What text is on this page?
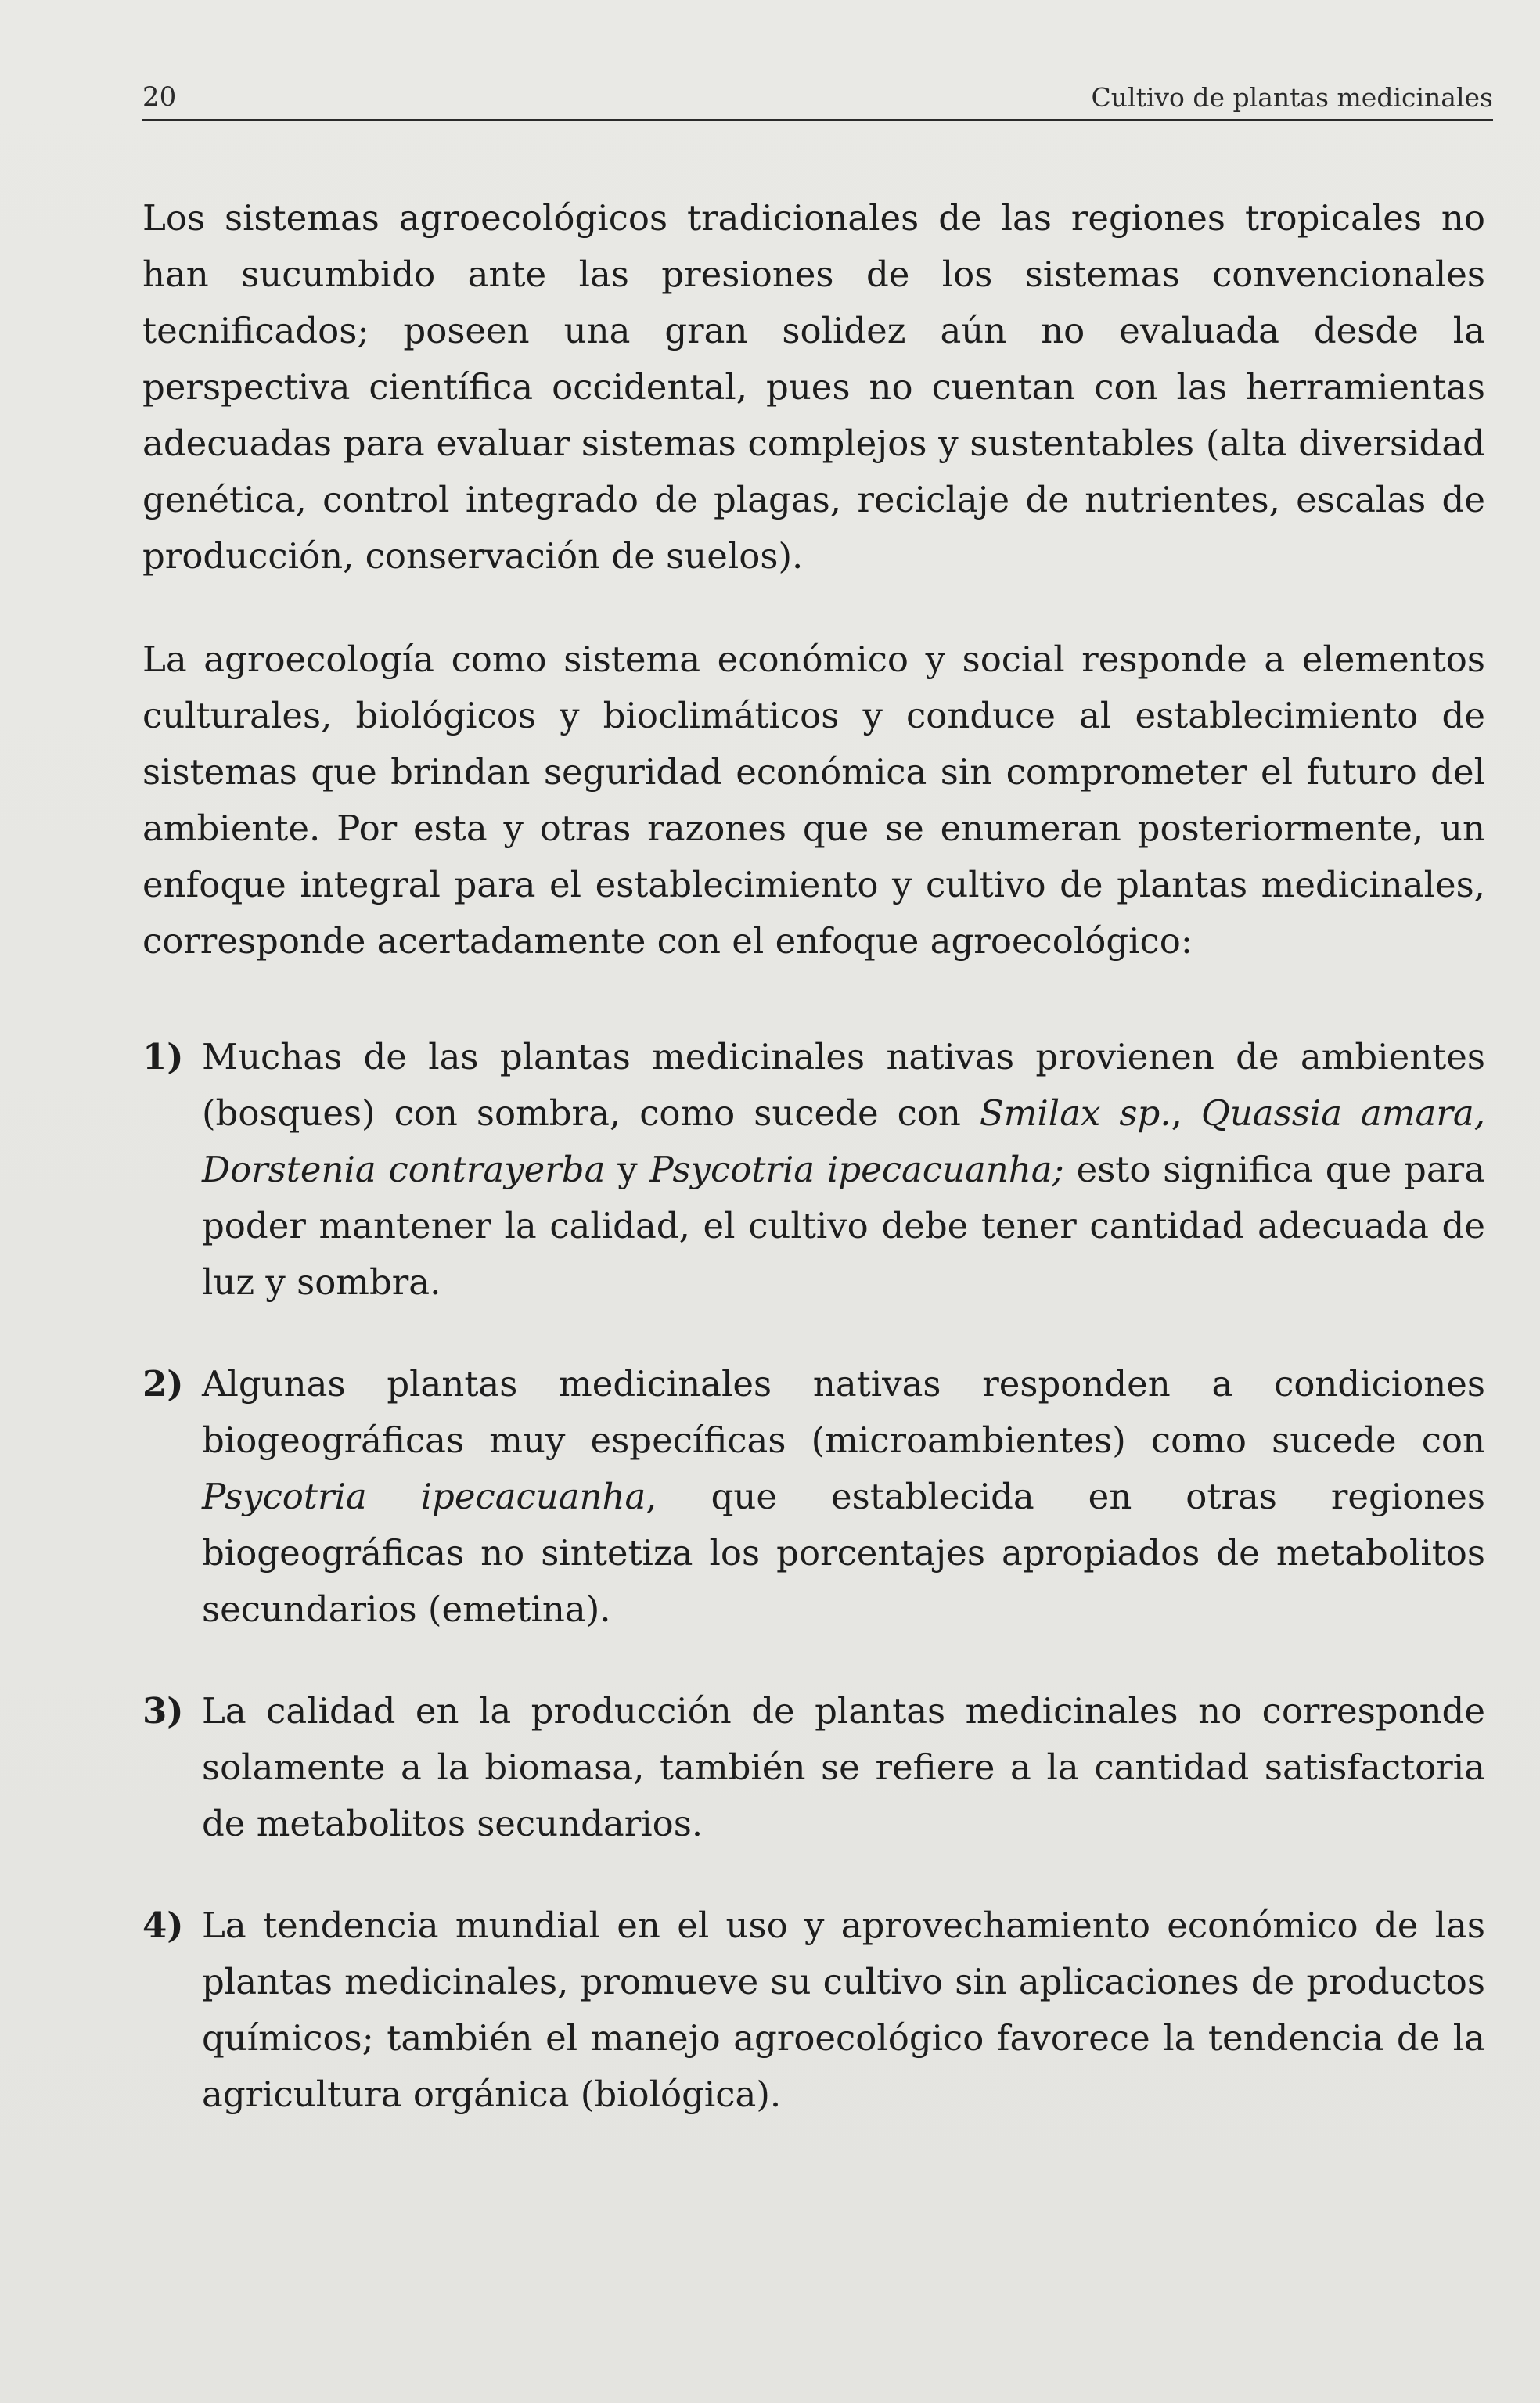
20	Cultivo de plantas medicinales

Los sistemas agroecológicos tradicionales de las regiones tropicales no han sucumbido ante las presiones de los sistemas convencionales tecnificados; poseen una gran solidez aún no evaluada desde la perspectiva científica occidental, pues no cuentan con las herramientas adecuadas para evaluar sistemas complejos y sustentables (alta diversidad genética, control integrado de plagas, reciclaje de nutrientes, escalas de producción, conservación de suelos).

La agroecología como sistema económico y social responde a elementos culturales, biológicos y bioclimáticos y conduce al establecimiento de sistemas que brindan seguridad económica sin comprometer el futuro del ambiente. Por esta y otras razones que se enumeran posteriormente, un enfoque integral para el establecimiento y cultivo de plantas medicinales, corresponde acertadamente con el enfoque agroecológico:

1) Muchas de las plantas medicinales nativas provienen de ambientes (bosques) con sombra, como sucede con Smilax sp., Quassia amara, Dorstenia contrayerba y Psycotria ipecacuanha; esto significa que para poder mantener la calidad, el cultivo debe tener cantidad adecuada de luz y sombra.

2) Algunas plantas medicinales nativas responden a condiciones biogeográficas muy específicas (microambientes) como sucede con Psycotria ipecacuanha, que establecida en otras regiones biogeográficas no sintetiza los porcentajes apropiados de metabolitos secundarios (emetina).

3) La calidad en la producción de plantas medicinales no corresponde solamente a la biomasa, también se refiere a la cantidad satisfactoria de metabolitos secundarios.

4) La tendencia mundial en el uso y aprovechamiento económico de las plantas medicinales, promueve su cultivo sin aplicaciones de productos químicos; también el manejo agroecológico favorece la tendencia de la agricultura orgánica (biológica).
